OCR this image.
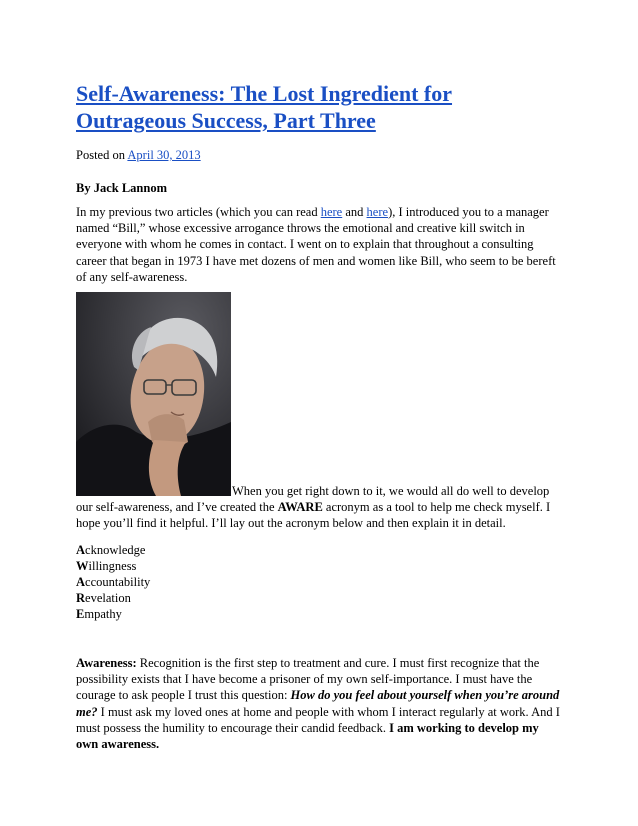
Self-Awareness: The Lost Ingredient for
Outrageous Success, Part Three
Posted on April 30, 2013
By Jack Lannom
In my previous two articles (which you can read here and here), I introduced you to a manager
named “Bill,” whose excessive arrogance throws the emotional and creative kill switch in
everyone with whom he comes in contact. I went on to explain that throughout a consulting
career that began in 1973 I have met dozens of men and women like Bill, who seem to be bereft
of any self-awareness.
When you get right down to it, we would all do well to develop
our self-awareness, and I’ve created the AWARE acronym as a tool to help me check myself. I
hope you’ll find it helpful. I’ll lay out the acronym below and then explain it in detail.
Acknowledge
Willingness
Accountability
Revelation
Empathy
Awareness: Recognition is the first step to treatment and cure. I must first recognize that the
possibility exists that I have become a prisoner of my own self-importance. I must have the
courage to ask people I trust this question: How do you feel about yourself when you’re around
me? I must ask my loved ones at home and people with whom I interact regularly at work. And I
must possess the humility to encourage their candid feedback. I am working to develop my
own awareness.
